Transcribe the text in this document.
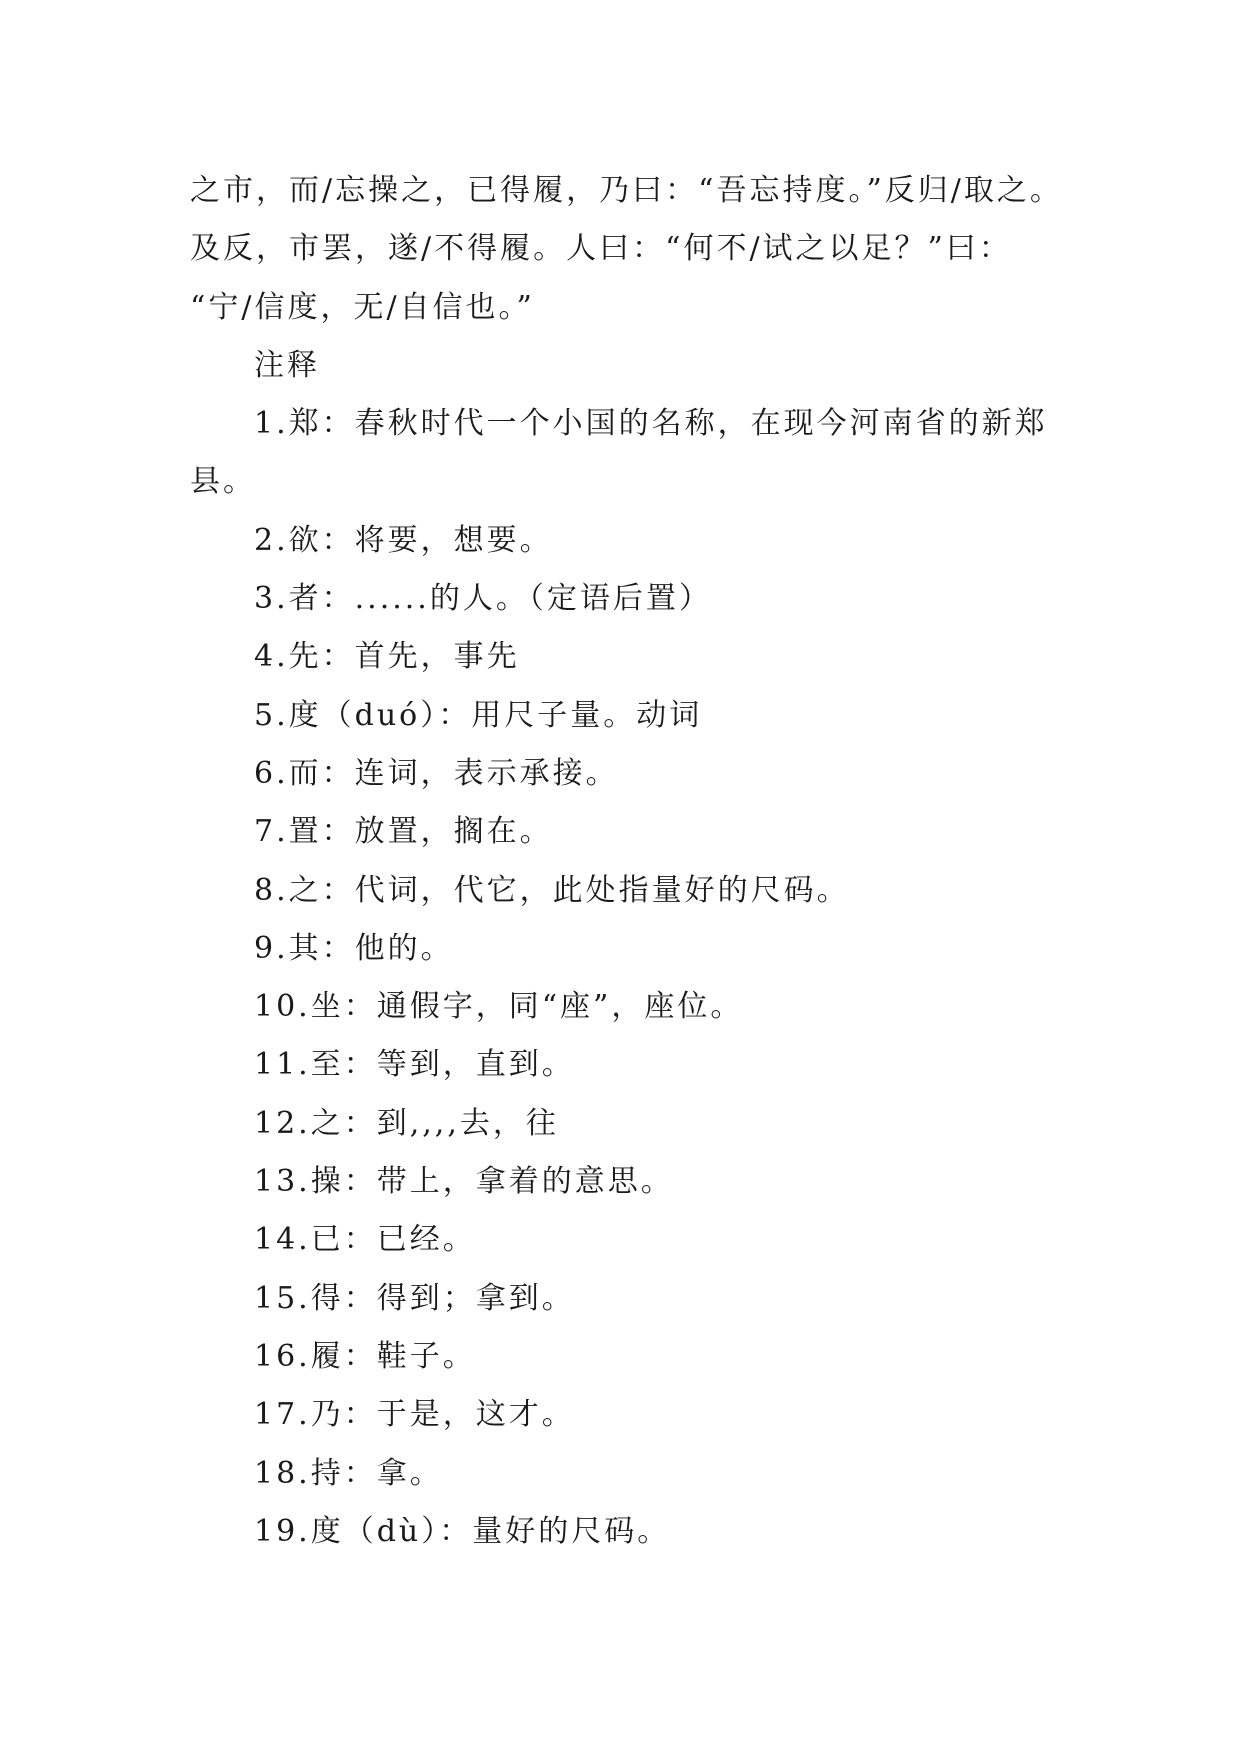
之市，而/忘操之，已得履，乃曰：“吾忘持度。”反归/取之。
及反，市罢，遂/不得履。人曰：“何不/试之以足？”曰：
“宁/信度，无/自信也。”
注释
1.郑：春秋时代一个小国的名称，在现今河南省的新郑
县。
2.欲：将要，想要。
3.者：......的人。（定语后置）
4.先：首先，事先
5.度（duó）：用尺子量。动词
6.而：连词，表示承接。
7.置：放置，搁在。
8.之：代词，代它，此处指量好的尺码。
9.其：他的。
10.坐：通假字，同“座”，座位。
11.至：等到，直到。
12.之：到,,,,去，往
13.操：带上，拿着的意思。
14.已：已经。
15.得：得到；拿到。
16.履：鞋子。
17.乃：于是，这才。
18.持：拿。
19.度（dù）：量好的尺码。
